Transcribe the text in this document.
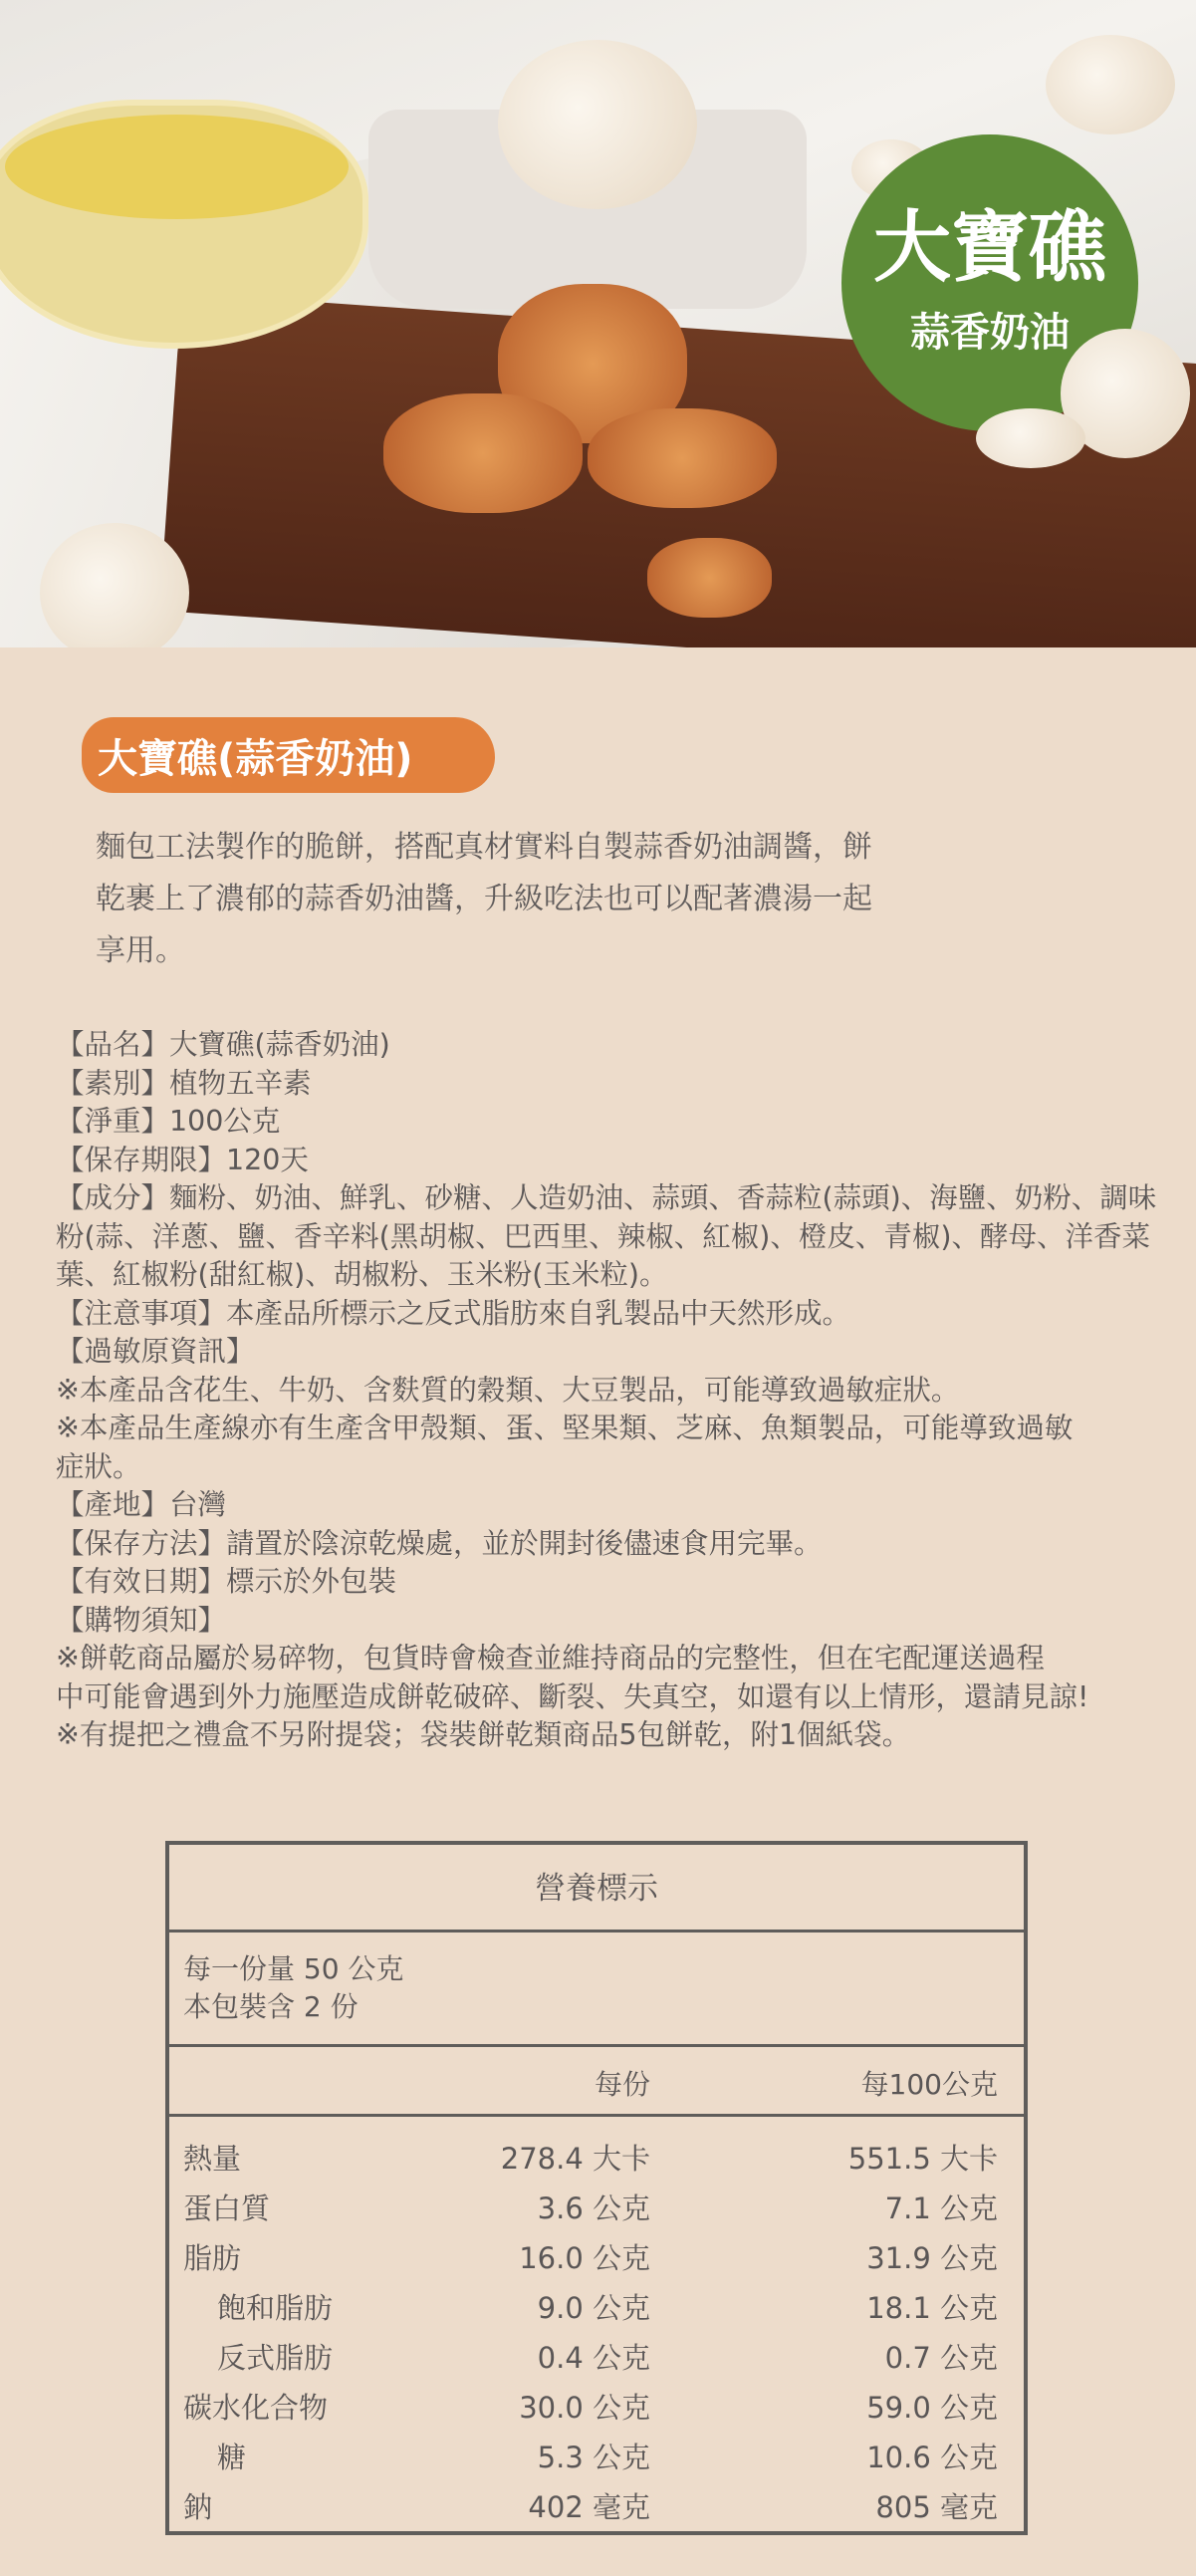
大寶礁
蒜香奶油
大寶礁(蒜香奶油)
麵包工法製作的脆餅，搭配真材實料自製蒜香奶油調醬，餅
乾裹上了濃郁的蒜香奶油醬，升級吃法也可以配著濃湯一起
享用。
【品名】大寶礁(蒜香奶油)
【素別】植物五辛素
【淨重】100公克
【保存期限】120天
【成分】麵粉、奶油、鮮乳、砂糖、人造奶油、蒜頭、香蒜粒(蒜頭)、海鹽、奶粉、調味
粉(蒜、洋蔥、鹽、香辛料(黑胡椒、巴西里、辣椒、紅椒)、橙皮、青椒)、酵母、洋香菜
葉、紅椒粉(甜紅椒)、胡椒粉、玉米粉(玉米粒)。
【注意事項】本產品所標示之反式脂肪來自乳製品中天然形成。
【過敏原資訊】
※本產品含花生、牛奶、含麩質的穀類、大豆製品，可能導致過敏症狀。
※本產品生產線亦有生產含甲殼類、蛋、堅果類、芝麻、魚類製品，可能導致過敏
症狀。
【產地】台灣
【保存方法】請置於陰涼乾燥處，並於開封後儘速食用完畢。
【有效日期】標示於外包裝
【購物須知】
※餅乾商品屬於易碎物，包貨時會檢查並維持商品的完整性，但在宅配運送過程
中可能會遇到外力施壓造成餅乾破碎、斷裂、失真空，如還有以上情形，還請見諒!
※有提把之禮盒不另附提袋；袋裝餅乾類商品5包餅乾，附1個紙袋。
營養標示
每一份量 50 公克
本包裝含 2 份
每份	每100公克
熱量	278.4 大卡	551.5 大卡
蛋白質	3.6 公克	7.1 公克
脂肪	16.0 公克	31.9 公克
飽和脂肪	9.0 公克	18.1 公克
反式脂肪	0.4 公克	0.7 公克
碳水化合物	30.0 公克	59.0 公克
糖	5.3 公克	10.6 公克
鈉	402 毫克	805 毫克
